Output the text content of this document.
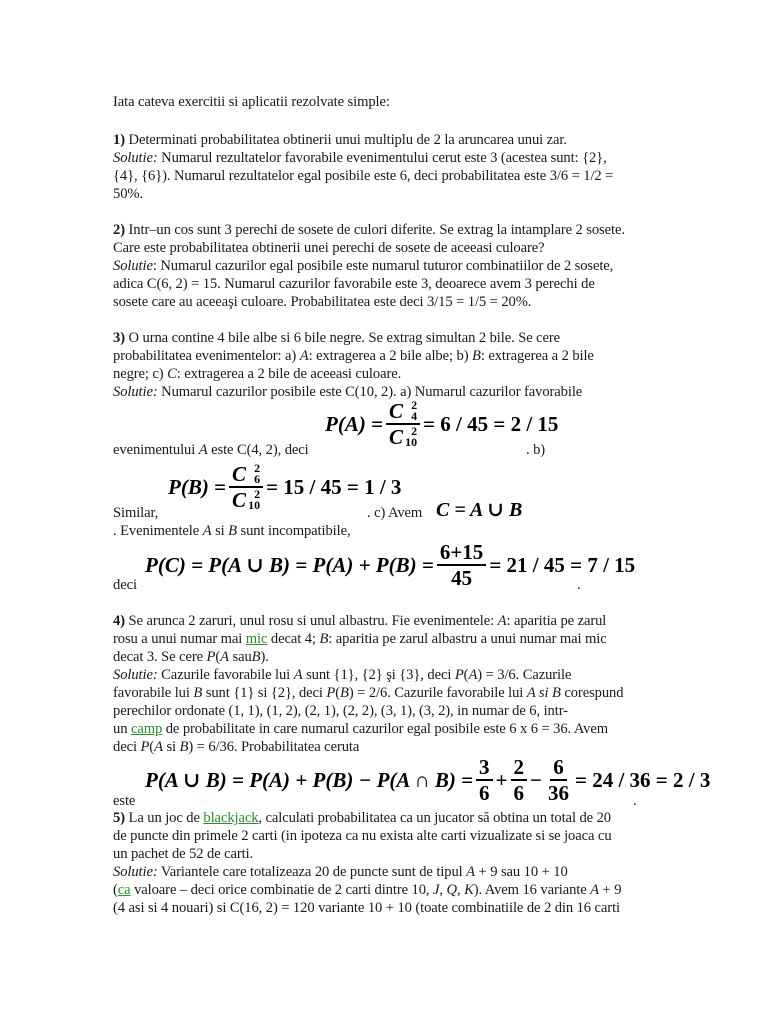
Iata cateva exercitii si aplicatii rezolvate simple:
1) Determinati probabilitatea obtinerii unui multiplu de 2 la aruncarea unui zar.
Solutie: Numarul rezultatelor favorabile evenimentului cerut este 3 (acestea sunt: {2},
{4}, {6}). Numarul rezultatelor egal posibile este 6, deci probabilitatea este 3/6 = 1/2 =
50%.
2) Intr–un cos sunt 3 perechi de sosete de culori diferite. Se extrag la intamplare 2 sosete.
Care este probabilitatea obtinerii unei perechi de sosete de aceeasi culoare?
Solutie: Numarul cazurilor egal posibile este numarul tuturor combinatiilor de 2 sosete,
adica C(6, 2) = 15. Numarul cazurilor favorabile este 3, deoarece avem 3 perechi de
sosete care au aceeaşi culoare. Probabilitatea este deci 3/15 = 1/5 = 20%.
3) O urna contine 4 bile albe si 6 bile negre. Se extrag simultan 2 bile. Se cere
probabilitatea evenimentelor: a) A: extragerea a 2 bile albe; b) B: extragerea a 2 bile
negre; c) C: extragerea a 2 bile de aceeasi culoare.
Solutie: Numarul cazurilor posibile este C(10, 2). a) Numarul cazurilor favorabile
P(A)
= C 2
4
C 2
10 = 6 / 45 = 2 / 15
evenimentului A este C(4, 2), deci	. b)
P(B)
= C 2
6
C 2
10 = 15 / 45 = 1 / 3
Similar,	. c) Avem C = A ∪ B
. Evenimentele A si B sunt incompatibile,
P(C) = P(A ∪ $B) = P(A) + P(B) = \frac{6+15}{45} = 21 / 45 = 7 / 15$
deci	.
4) Se arunca 2 zaruri, unul rosu si unul albastru. Fie evenimentele: A: aparitia pe zarul
rosu a unui numar mai mic decat 4; B: aparitia pe zarul albastru a unui numar mai mic
decat 3. Se cere P(A sauB).
Solutie: Cazurile favorabile lui A sunt {1}, {2} şi {3}, deci P(A) = 3/6. Cazurile
favorabile lui B sunt {1} si {2}, deci P(B) = 2/6. Cazurile favorabile lui A si B corespund
perechilor ordonate (1, 1), (1, 2), (2, 1), (2, 2), (3, 1), (3, 2), in numar de 6, intr-
un camp de probabilitate in care numarul cazurilor egal posibile este 6 x 6 = 36. Avem
deci P(A si B) = 6/36. Probabilitatea ceruta
P(A ∪ B) = P(A) + P(B) − P(A ∩ $B) = \frac{3}{6} + \frac{2}{6} - \frac{6}{36} = 24 / 36 = 2 / 3$
este	.
5) La un joc de blackjack, calculati probabilitatea ca un jucator să obtina un total de 20
de puncte din primele 2 carti (in ipoteza ca nu exista alte carti vizualizate si se joaca cu
un pachet de 52 de carti.
Solutie: Variantele care totalizeaza 20 de puncte sunt de tipul A + 9 sau 10 + 10
(ca valoare – deci orice combinatie de 2 carti dintre 10, J, Q, K). Avem 16 variante A + 9
(4 asi si 4 nouari) si C(16, 2) = 120 variante 10 + 10 (toate combinatiile de 2 din 16 carti
